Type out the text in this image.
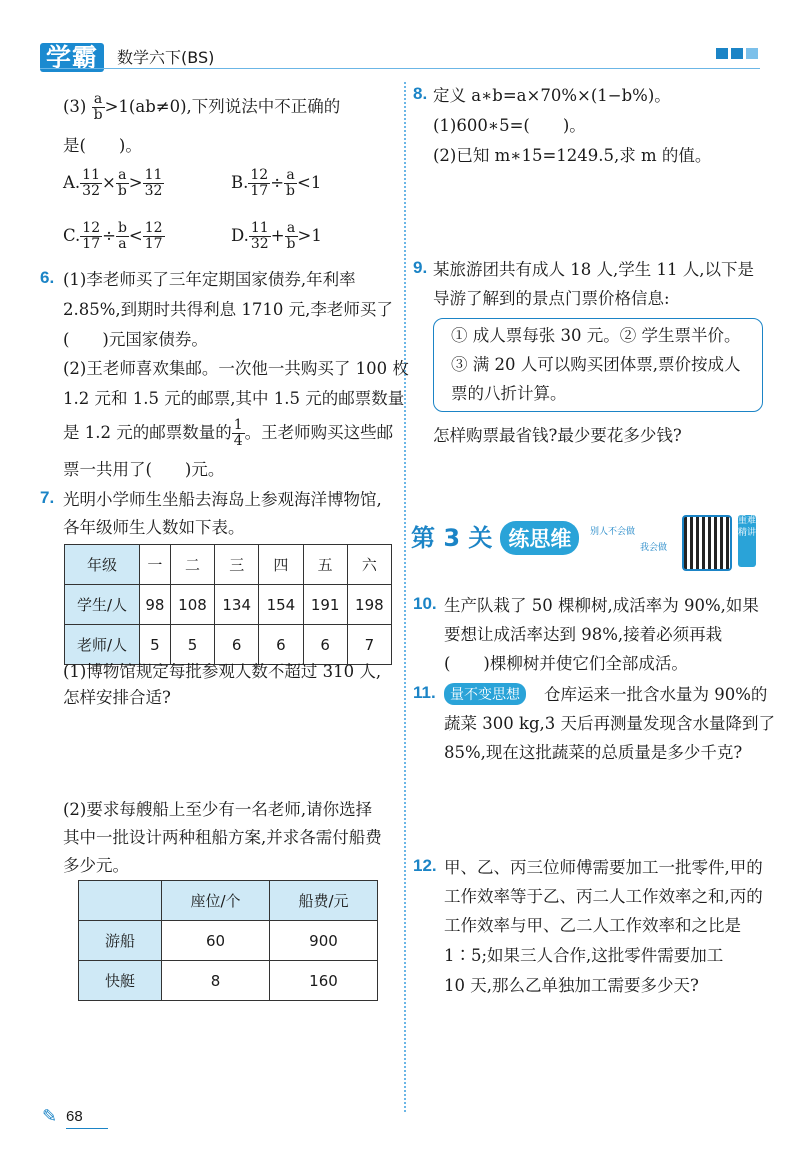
学霸	数学六下(BS)
$(3) \frac{a}{b} >1(ab\ne 0)$,下列说法中不正确的
是(　　)。
A. $\frac{11}{32} \times \frac{a}{b} > \frac{11}{32}$	B. $\frac{12}{17} \div \frac{a}{b} <1$
C. $\frac{12}{17} \div \frac{b}{a} < \frac{12}{17}$	D. $\frac{11}{32} + \frac{a}{b} >1$
6. (1)李老师买了三年定期国家债券,年利率
2.85%,到期时共得利息 1710 元,李老师买了
(　　)元国家债券。
(2)王老师喜欢集邮。一次他一共购买了 100 枚
1.2 元和 1.5 元的邮票,其中 1.5 元的邮票数量
是 1.2 元的邮票数量的 $\frac{1}{4}$ 。王老师购买这些邮
票一共用了(　　)元。
7. 光明小学师生坐船去海岛上参观海洋博物馆,
各年级师生人数如下表。
年级	一	二	三	四	五	六
学生/人	98	108	134	154	191	198
老师/人	5	5	6	6	6	7
(1)博物馆规定每批参观人数不超过 310 人,
怎样安排合适?
(2)要求每艘船上至少有一名老师,请你选择
其中一批设计两种租船方案,并求各需付船费
多少元。
	座位/个	船费/元
游船	60	900
快艇	8	160
8. 定义 a∗b=a×70%×(1−b%)。
(1)600∗5=(　　)。
(2)已知 m∗15=1249.5,求 m 的值。
9. 某旅游团共有成人 18 人,学生 11 人,以下是
导游了解到的景点门票价格信息:
① 成人票每张 30 元。② 学生票半价。
③ 满 20 人可以购买团体票,票价按成人
票的八折计算。
怎样购票最省钱?最少要花多少钱?
第 3 关 练思维	别人不会做
我会做
重难精讲
10. 生产队栽了 50 棵柳树,成活率为 90%,如果
要想让成活率达到 98%,接着必须再栽
(　　)棵柳树并使它们全部成活。
11.	量不变思想	仓库运来一批含水量为 90%的
蔬菜 300 kg,3 天后再测量发现含水量降到了
85%,现在这批蔬菜的总质量是多少千克?
12. 甲、乙、丙三位师傅需要加工一批零件,甲的
工作效率等于乙、丙二人工作效率之和,丙的
工作效率与甲、乙二人工作效率和之比是
1∶5;如果三人合作,这批零件需要加工
10 天,那么乙单独加工需要多少天?
✎ 68
